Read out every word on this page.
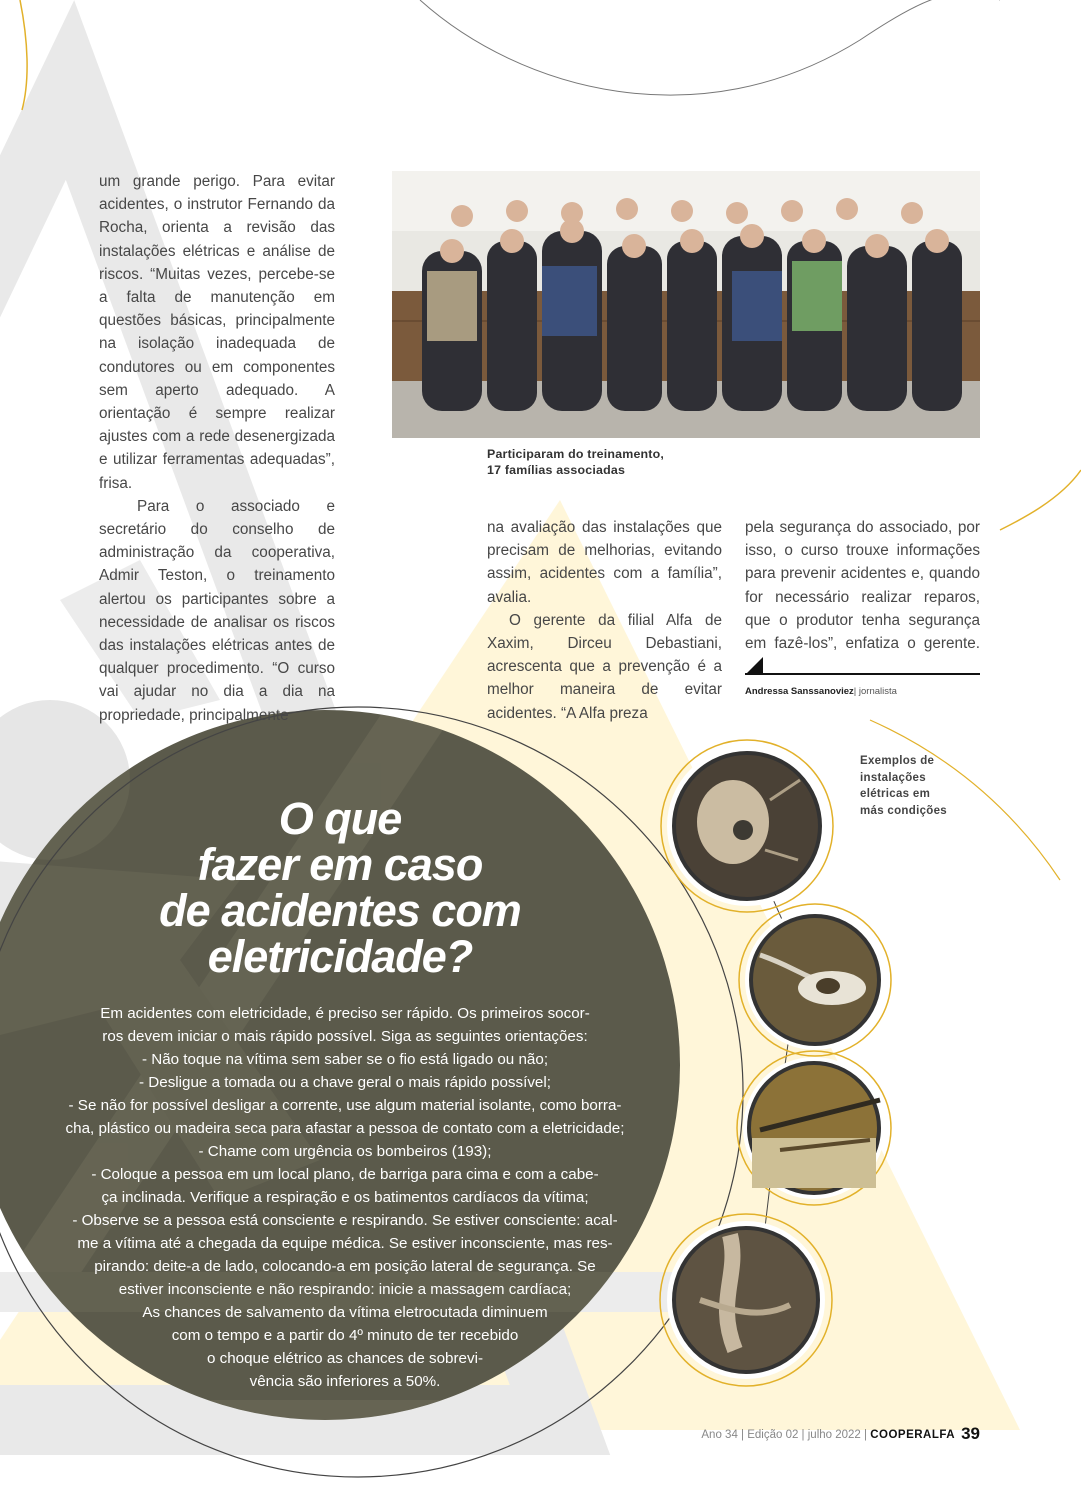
Participaram do treinamento,
17 famílias associadas

um grande perigo. Para evitar acidentes, o instrutor Fernando da Rocha, orienta a revisão das instalações elétricas e análise de riscos. “Muitas vezes, percebe-se a falta de manutenção em questões básicas, principalmente na isolação inadequada de condutores ou em componentes sem aperto adequado. A orientação é sempre realizar ajustes com a rede desenergizada e utilizar ferramentas adequadas”, frisa.

Para o associado e secretário do conselho de administração da cooperativa, Admir Teston, o treinamento alertou os participantes sobre a necessidade de analisar os riscos das instalações elétricas antes de qualquer procedimento. “O curso vai ajudar no dia a dia na propriedade, principalmente

na avaliação das instalações que precisam de melhorias, evitando assim, acidentes com a família”, avalia.

O gerente da filial Alfa de Xaxim, Dirceu Debastiani, acrescenta que a prevenção é a melhor maneira de evitar acidentes. “A Alfa preza

pela segurança do associado, por isso, o curso trouxe informações para prevenir acidentes e, quando for necessário realizar reparos, que o produtor tenha segurança em fazê-los”, enfatiza o gerente.

Andressa Sanssanoviez| jornalista
O que
fazer em caso
de acidentes com
eletricidade?
Em acidentes com eletricidade, é preciso ser rápido. Os primeiros socor-
ros devem iniciar o mais rápido possível. Siga as seguintes orientações:
- Não toque na vítima sem saber se o fio está ligado ou não;
- Desligue a tomada ou a chave geral o mais rápido possível;
- Se não for possível desligar a corrente, use algum material isolante, como borra-
cha, plástico ou madeira seca para afastar a pessoa de contato com a eletricidade;
- Chame com urgência os bombeiros (193);
- Coloque a pessoa em um local plano, de barriga para cima e com a cabe-
ça inclinada. Verifique a respiração e os batimentos cardíacos da vítima;
- Observe se a pessoa está consciente e respirando. Se estiver consciente: acal-
me a vítima até a chegada da equipe médica. Se estiver inconsciente, mas res-
pirando: deite-a de lado, colocando-a em posição lateral de segurança. Se
estiver inconsciente e não respirando: inicie a massagem cardíaca;
As chances de salvamento da vítima eletrocutada diminuem
com o tempo e a partir do 4º minuto de ter recebido
o choque elétrico as chances de sobrevi-
vência são inferiores a 50%.
Exemplos de
instalações
elétricas em
más condições
Ano 34 | Edição 02 | julho 2022 | COOPERALFA 39
